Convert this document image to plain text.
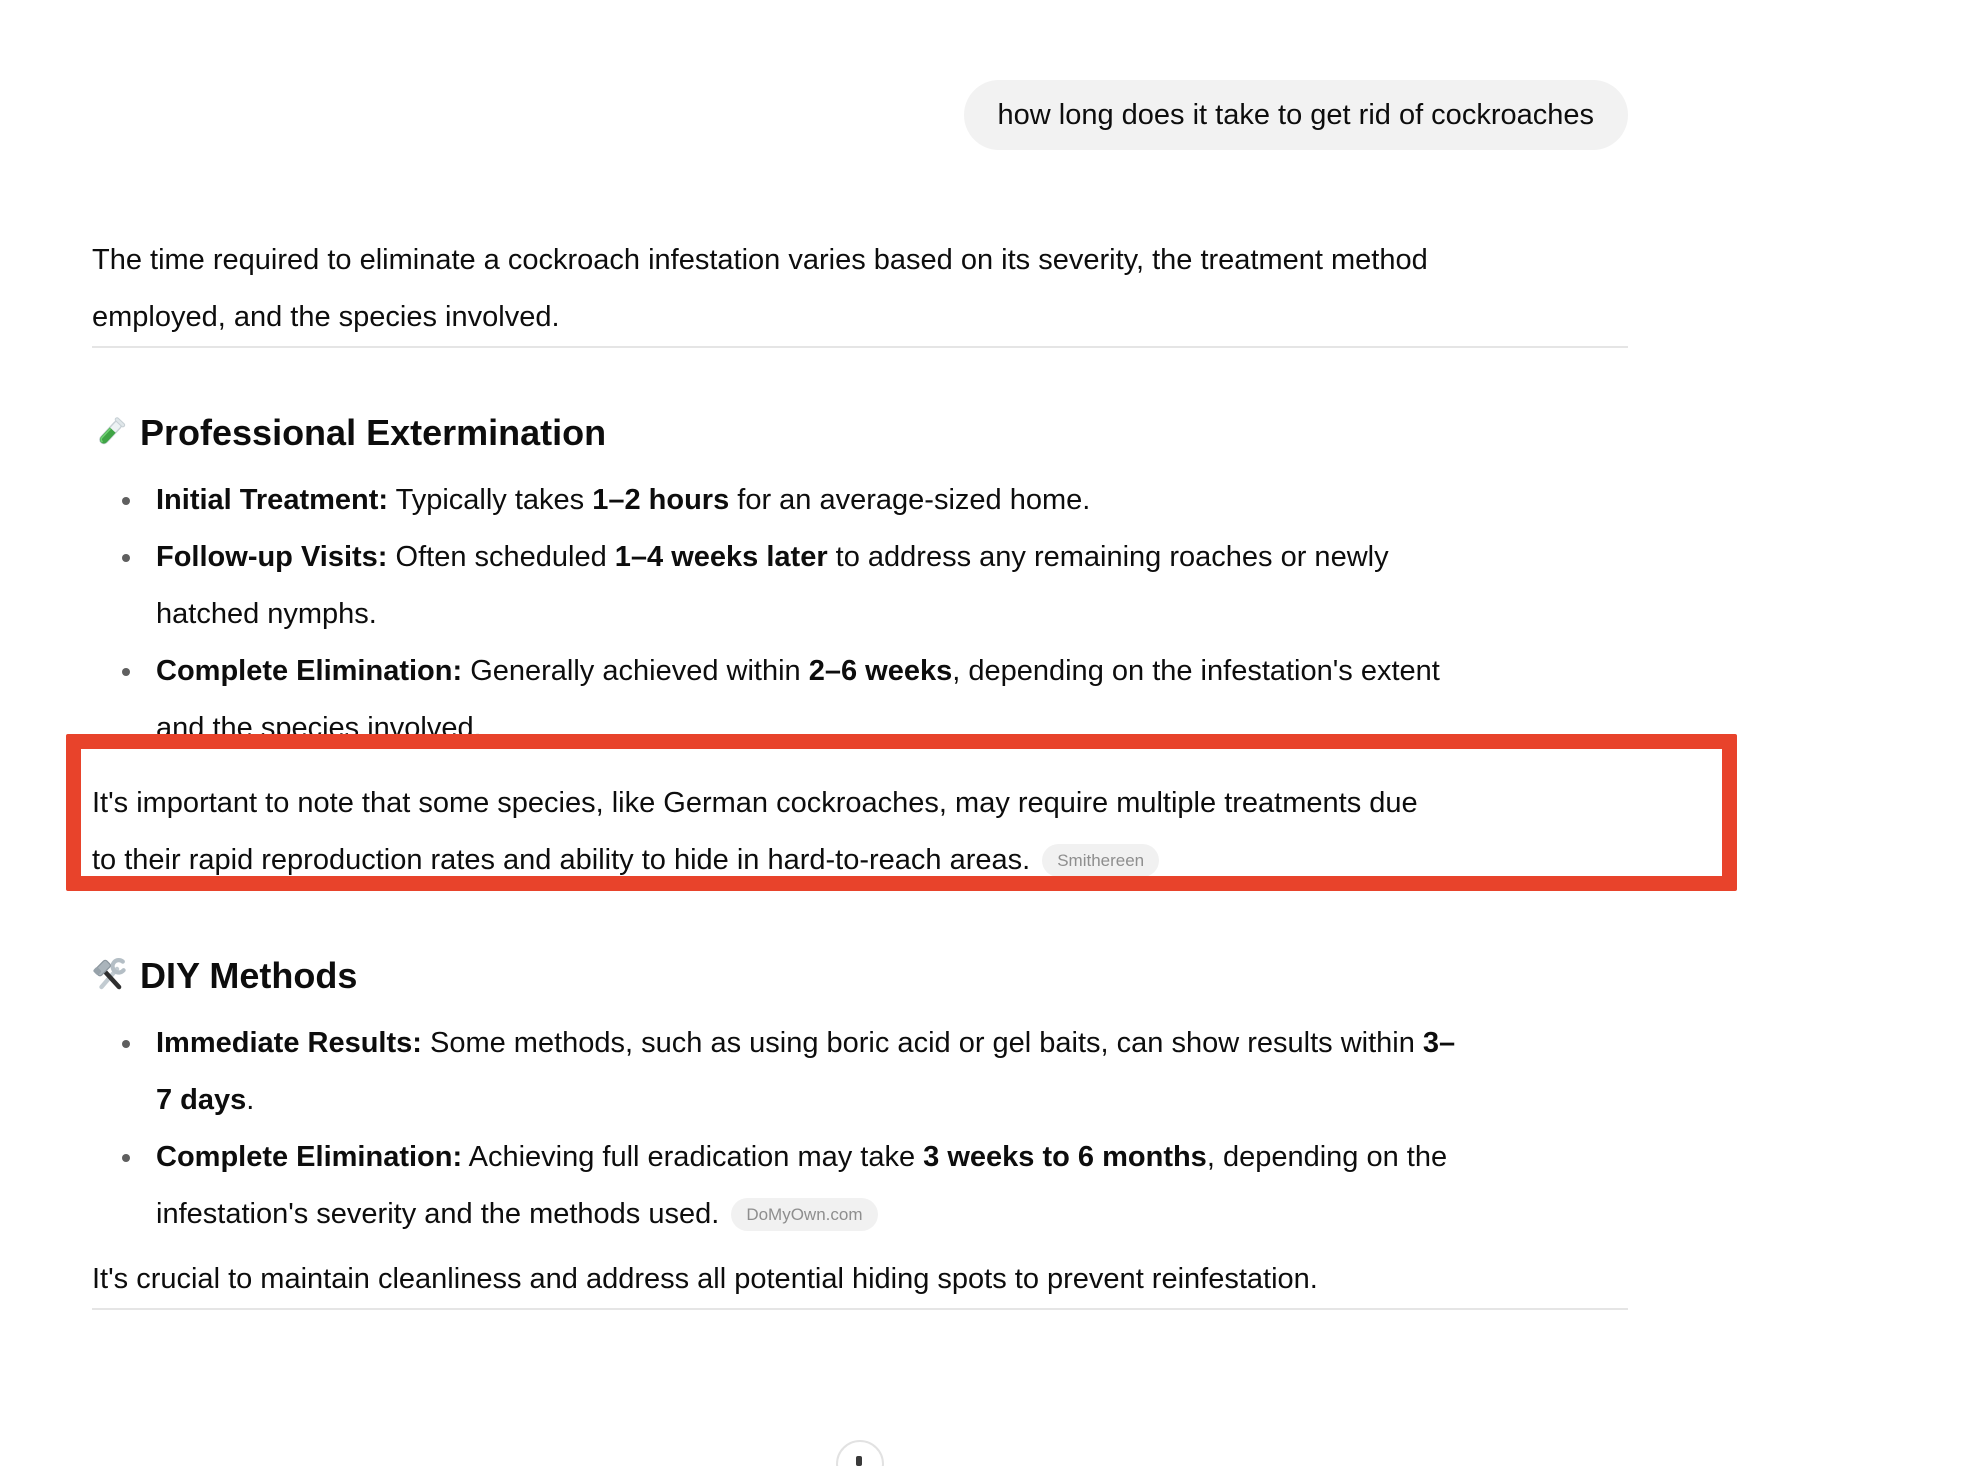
how long does it take to get rid of cockroaches
The time required to eliminate a cockroach infestation varies based on its severity, the treatment method
employed, and the species involved.
Professional Extermination
Initial Treatment: Typically takes 1–2 hours for an average-sized home.
Follow-up Visits: Often scheduled 1–4 weeks later to address any remaining roaches or newly
hatched nymphs.
Complete Elimination: Generally achieved within 2–6 weeks, depending on the infestation's extent
and the species involved.
It's important to note that some species, like German cockroaches, may require multiple treatments due
to their rapid reproduction rates and ability to hide in hard-to-reach areas. Smithereen
DIY Methods
Immediate Results: Some methods, such as using boric acid or gel baits, can show results within 3–
7 days.
Complete Elimination: Achieving full eradication may take 3 weeks to 6 months, depending on the
infestation's severity and the methods used. DoMyOwn.com
It's crucial to maintain cleanliness and address all potential hiding spots to prevent reinfestation.
